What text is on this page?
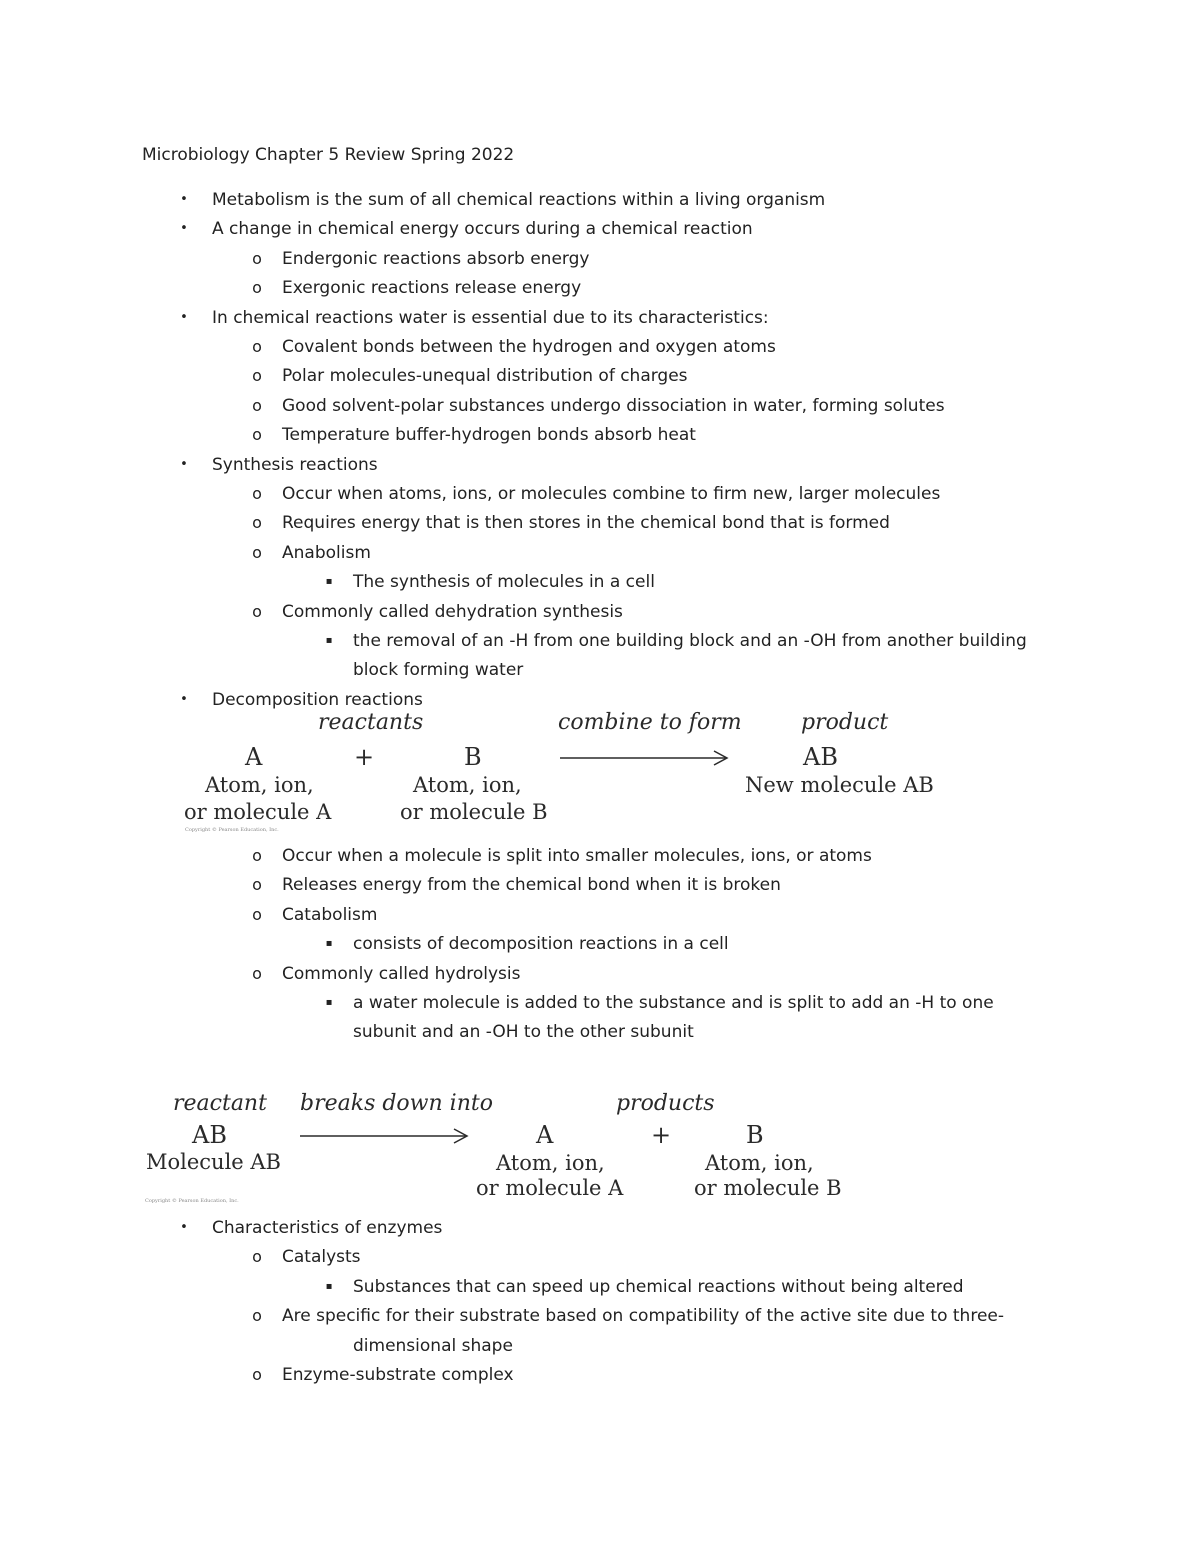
Microbiology Chapter 5 Review Spring 2022
•	Metabolism is the sum of all chemical reactions within a living organism
•	A change in chemical energy occurs during a chemical reaction
o	Endergonic reactions absorb energy
o	Exergonic reactions release energy
•	In chemical reactions water is essential due to its characteristics:
o	Covalent bonds between the hydrogen and oxygen atoms
o	Polar molecules-unequal distribution of charges
o	Good solvent-polar substances undergo dissociation in water, forming solutes
o	Temperature buffer-hydrogen bonds absorb heat
•	Synthesis reactions
o	Occur when atoms, ions, or molecules combine to firm new, larger molecules
o	Requires energy that is then stores in the chemical bond that is formed
o	Anabolism
▪	The synthesis of molecules in a cell
o	Commonly called dehydration synthesis
▪	the removal of an -H from one building block and an -OH from another building
block forming water
•	Decomposition reactions
reactants	combine to form	product
A	+	B	AB
Atom, ion,
or molecule A
Atom, ion,
or molecule B
New molecule AB
Copyright © Pearson Education, Inc.
o	Occur when a molecule is split into smaller molecules, ions, or atoms
o	Releases energy from the chemical bond when it is broken
o	Catabolism
▪	consists of decomposition reactions in a cell
o	Commonly called hydrolysis
▪	a water molecule is added to the substance and is split to add an -H to one
subunit and an -OH to the other subunit
reactant breaks down into	products
AB	A	+	B
Molecule AB	Atom, ion,
or molecule A
Atom, ion,
or molecule B
Copyright © Pearson Education, Inc.
•	Characteristics of enzymes
o	Catalysts
▪	Substances that can speed up chemical reactions without being altered
o	Are specific for their substrate based on compatibility of the active site due to three-
dimensional shape
o	Enzyme-substrate complex
